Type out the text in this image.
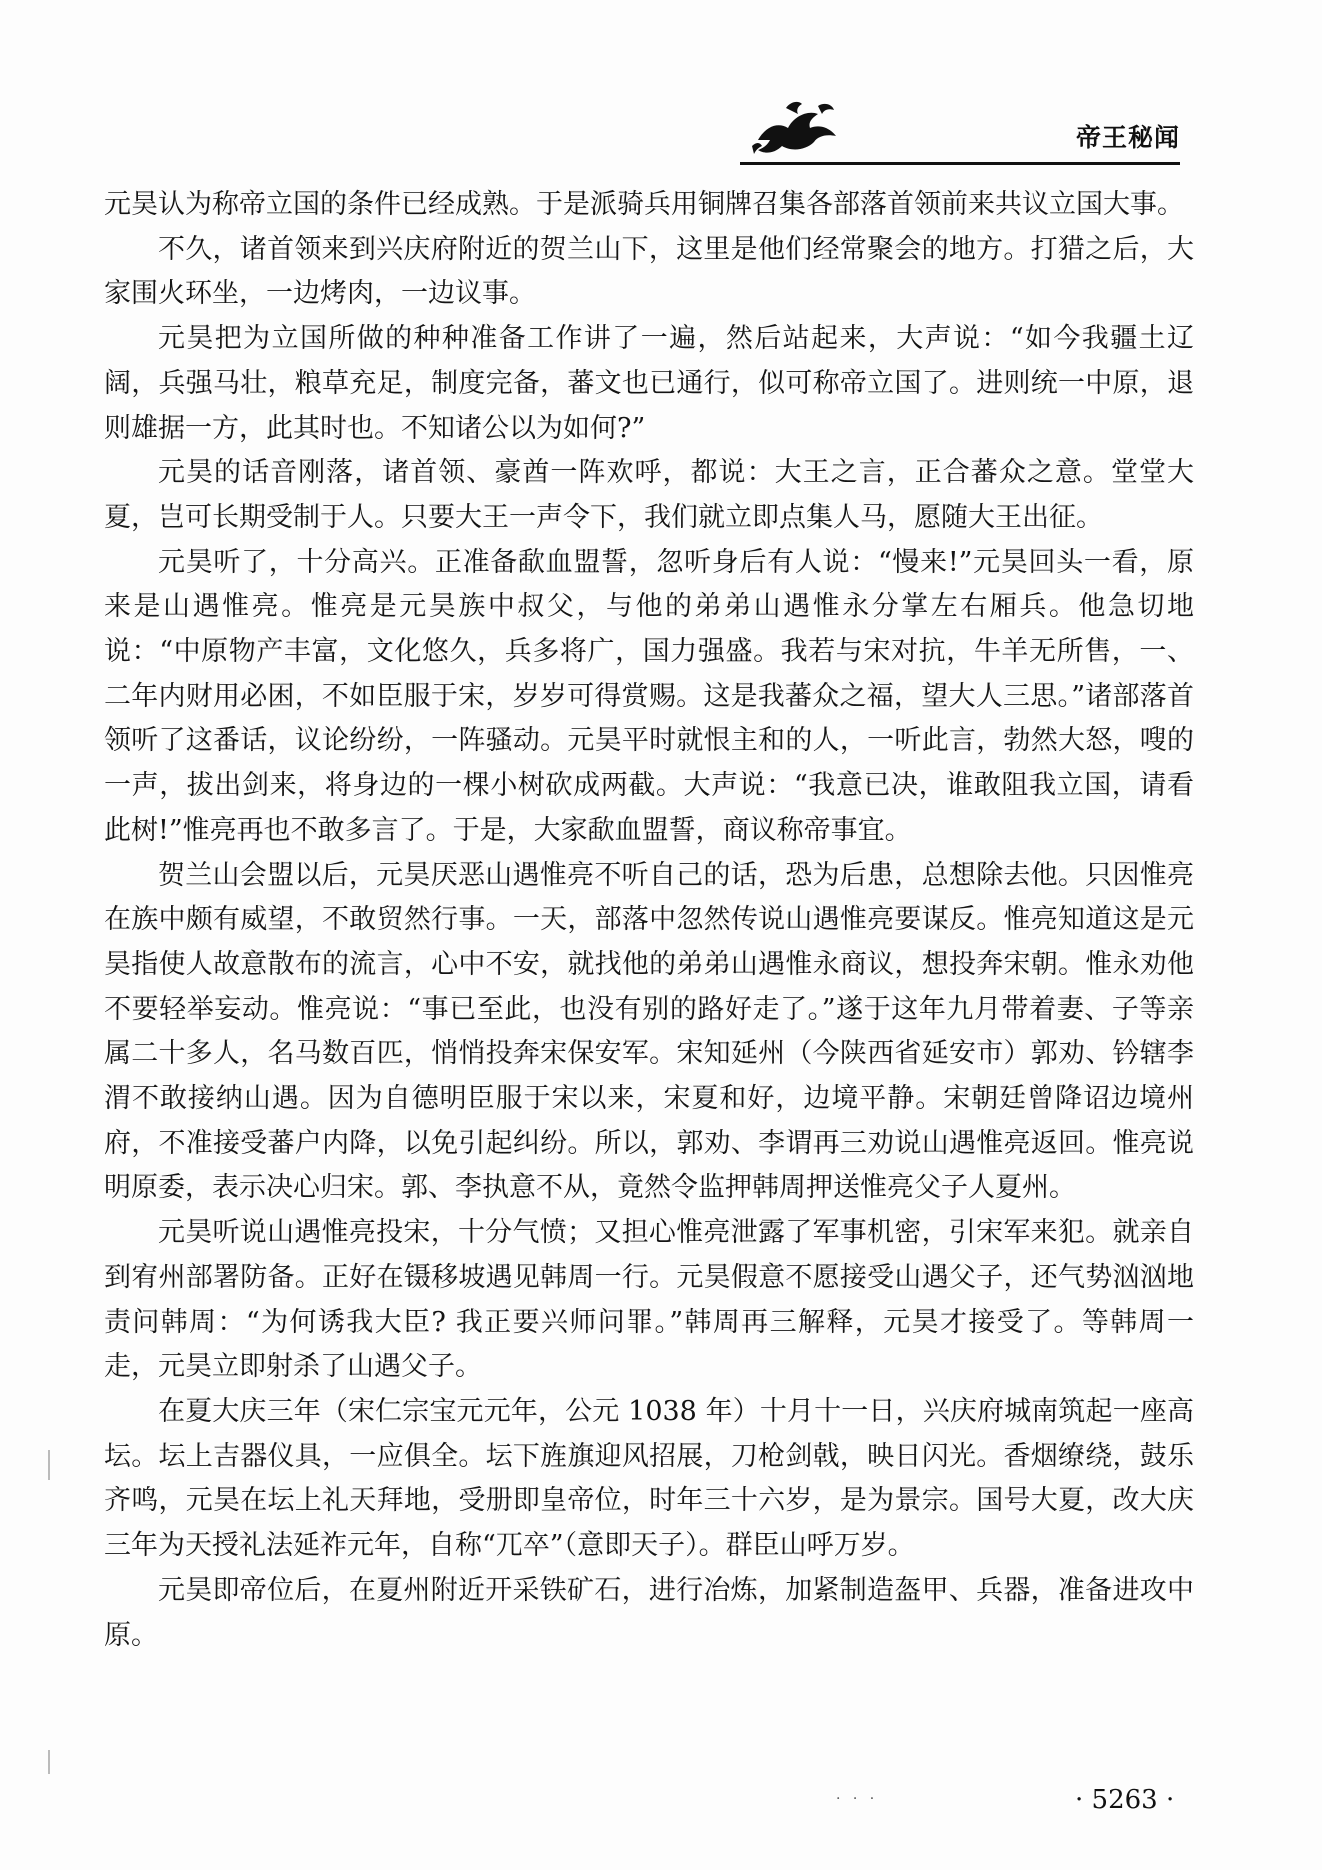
帝王秘闻

元昊认为称帝立国的条件已经成熟。于是派骑兵用铜牌召集各部落首领前来共议立国大事。

不久，诸首领来到兴庆府附近的贺兰山下，这里是他们经常聚会的地方。打猎之后，大家围火环坐，一边烤肉，一边议事。

元昊把为立国所做的种种准备工作讲了一遍，然后站起来，大声说：“如今我疆土辽阔，兵强马壮，粮草充足，制度完备，蕃文也已通行，似可称帝立国了。进则统一中原，退则雄据一方，此其时也。不知诸公以为如何?”

元昊的话音刚落，诸首领、豪酋一阵欢呼，都说：大王之言，正合蕃众之意。堂堂大夏，岂可长期受制于人。只要大王一声令下，我们就立即点集人马，愿随大王出征。

元昊听了，十分高兴。正准备歃血盟誓，忽听身后有人说：“慢来!”元昊回头一看，原来是山遇惟亮。惟亮是元昊族中叔父，与他的弟弟山遇惟永分掌左右厢兵。他急切地说：“中原物产丰富，文化悠久，兵多将广，国力强盛。我若与宋对抗，牛羊无所售，一、二年内财用必困，不如臣服于宋，岁岁可得赏赐。这是我蕃众之福，望大人三思。”诸部落首领听了这番话，议论纷纷，一阵骚动。元昊平时就恨主和的人，一听此言，勃然大怒，嗖的一声，拔出剑来，将身边的一棵小树砍成两截。大声说：“我意已决，谁敢阻我立国，请看此树!”惟亮再也不敢多言了。于是，大家歃血盟誓，商议称帝事宜。

贺兰山会盟以后，元昊厌恶山遇惟亮不听自己的话，恐为后患，总想除去他。只因惟亮在族中颇有威望，不敢贸然行事。一天，部落中忽然传说山遇惟亮要谋反。惟亮知道这是元昊指使人故意散布的流言，心中不安，就找他的弟弟山遇惟永商议，想投奔宋朝。惟永劝他不要轻举妄动。惟亮说：“事已至此，也没有别的路好走了。”遂于这年九月带着妻、子等亲属二十多人，名马数百匹，悄悄投奔宋保安军。宋知延州（今陕西省延安市）郭劝、钤辖李渭不敢接纳山遇。因为自德明臣服于宋以来，宋夏和好，边境平静。宋朝廷曾降诏边境州府，不准接受蕃户内降，以免引起纠纷。所以，郭劝、李谓再三劝说山遇惟亮返回。惟亮说明原委，表示决心归宋。郭、李执意不从，竟然令监押韩周押送惟亮父子人夏州。

元昊听说山遇惟亮投宋，十分气愤；又担心惟亮泄露了军事机密，引宋军来犯。就亲自到宥州部署防备。正好在镊移坡遇见韩周一行。元昊假意不愿接受山遇父子，还气势汹汹地责问韩周：“为何诱我大臣? 我正要兴师问罪。”韩周再三解释，元昊才接受了。等韩周一走，元昊立即射杀了山遇父子。

在夏大庆三年（宋仁宗宝元元年，公元 1038 年）十月十一日，兴庆府城南筑起一座高坛。坛上吉器仪具，一应俱全。坛下旌旗迎风招展，刀枪剑戟，映日闪光。香烟缭绕，鼓乐齐鸣，元昊在坛上礼天拜地，受册即皇帝位，时年三十六岁，是为景宗。国号大夏，改大庆三年为天授礼法延祚元年，自称“兀卒”（意即天子）。群臣山呼万岁。

元昊即帝位后，在夏州附近开采铁矿石，进行冶炼，加紧制造盔甲、兵器，准备进攻中原。

· · ·	· 5263 ·
